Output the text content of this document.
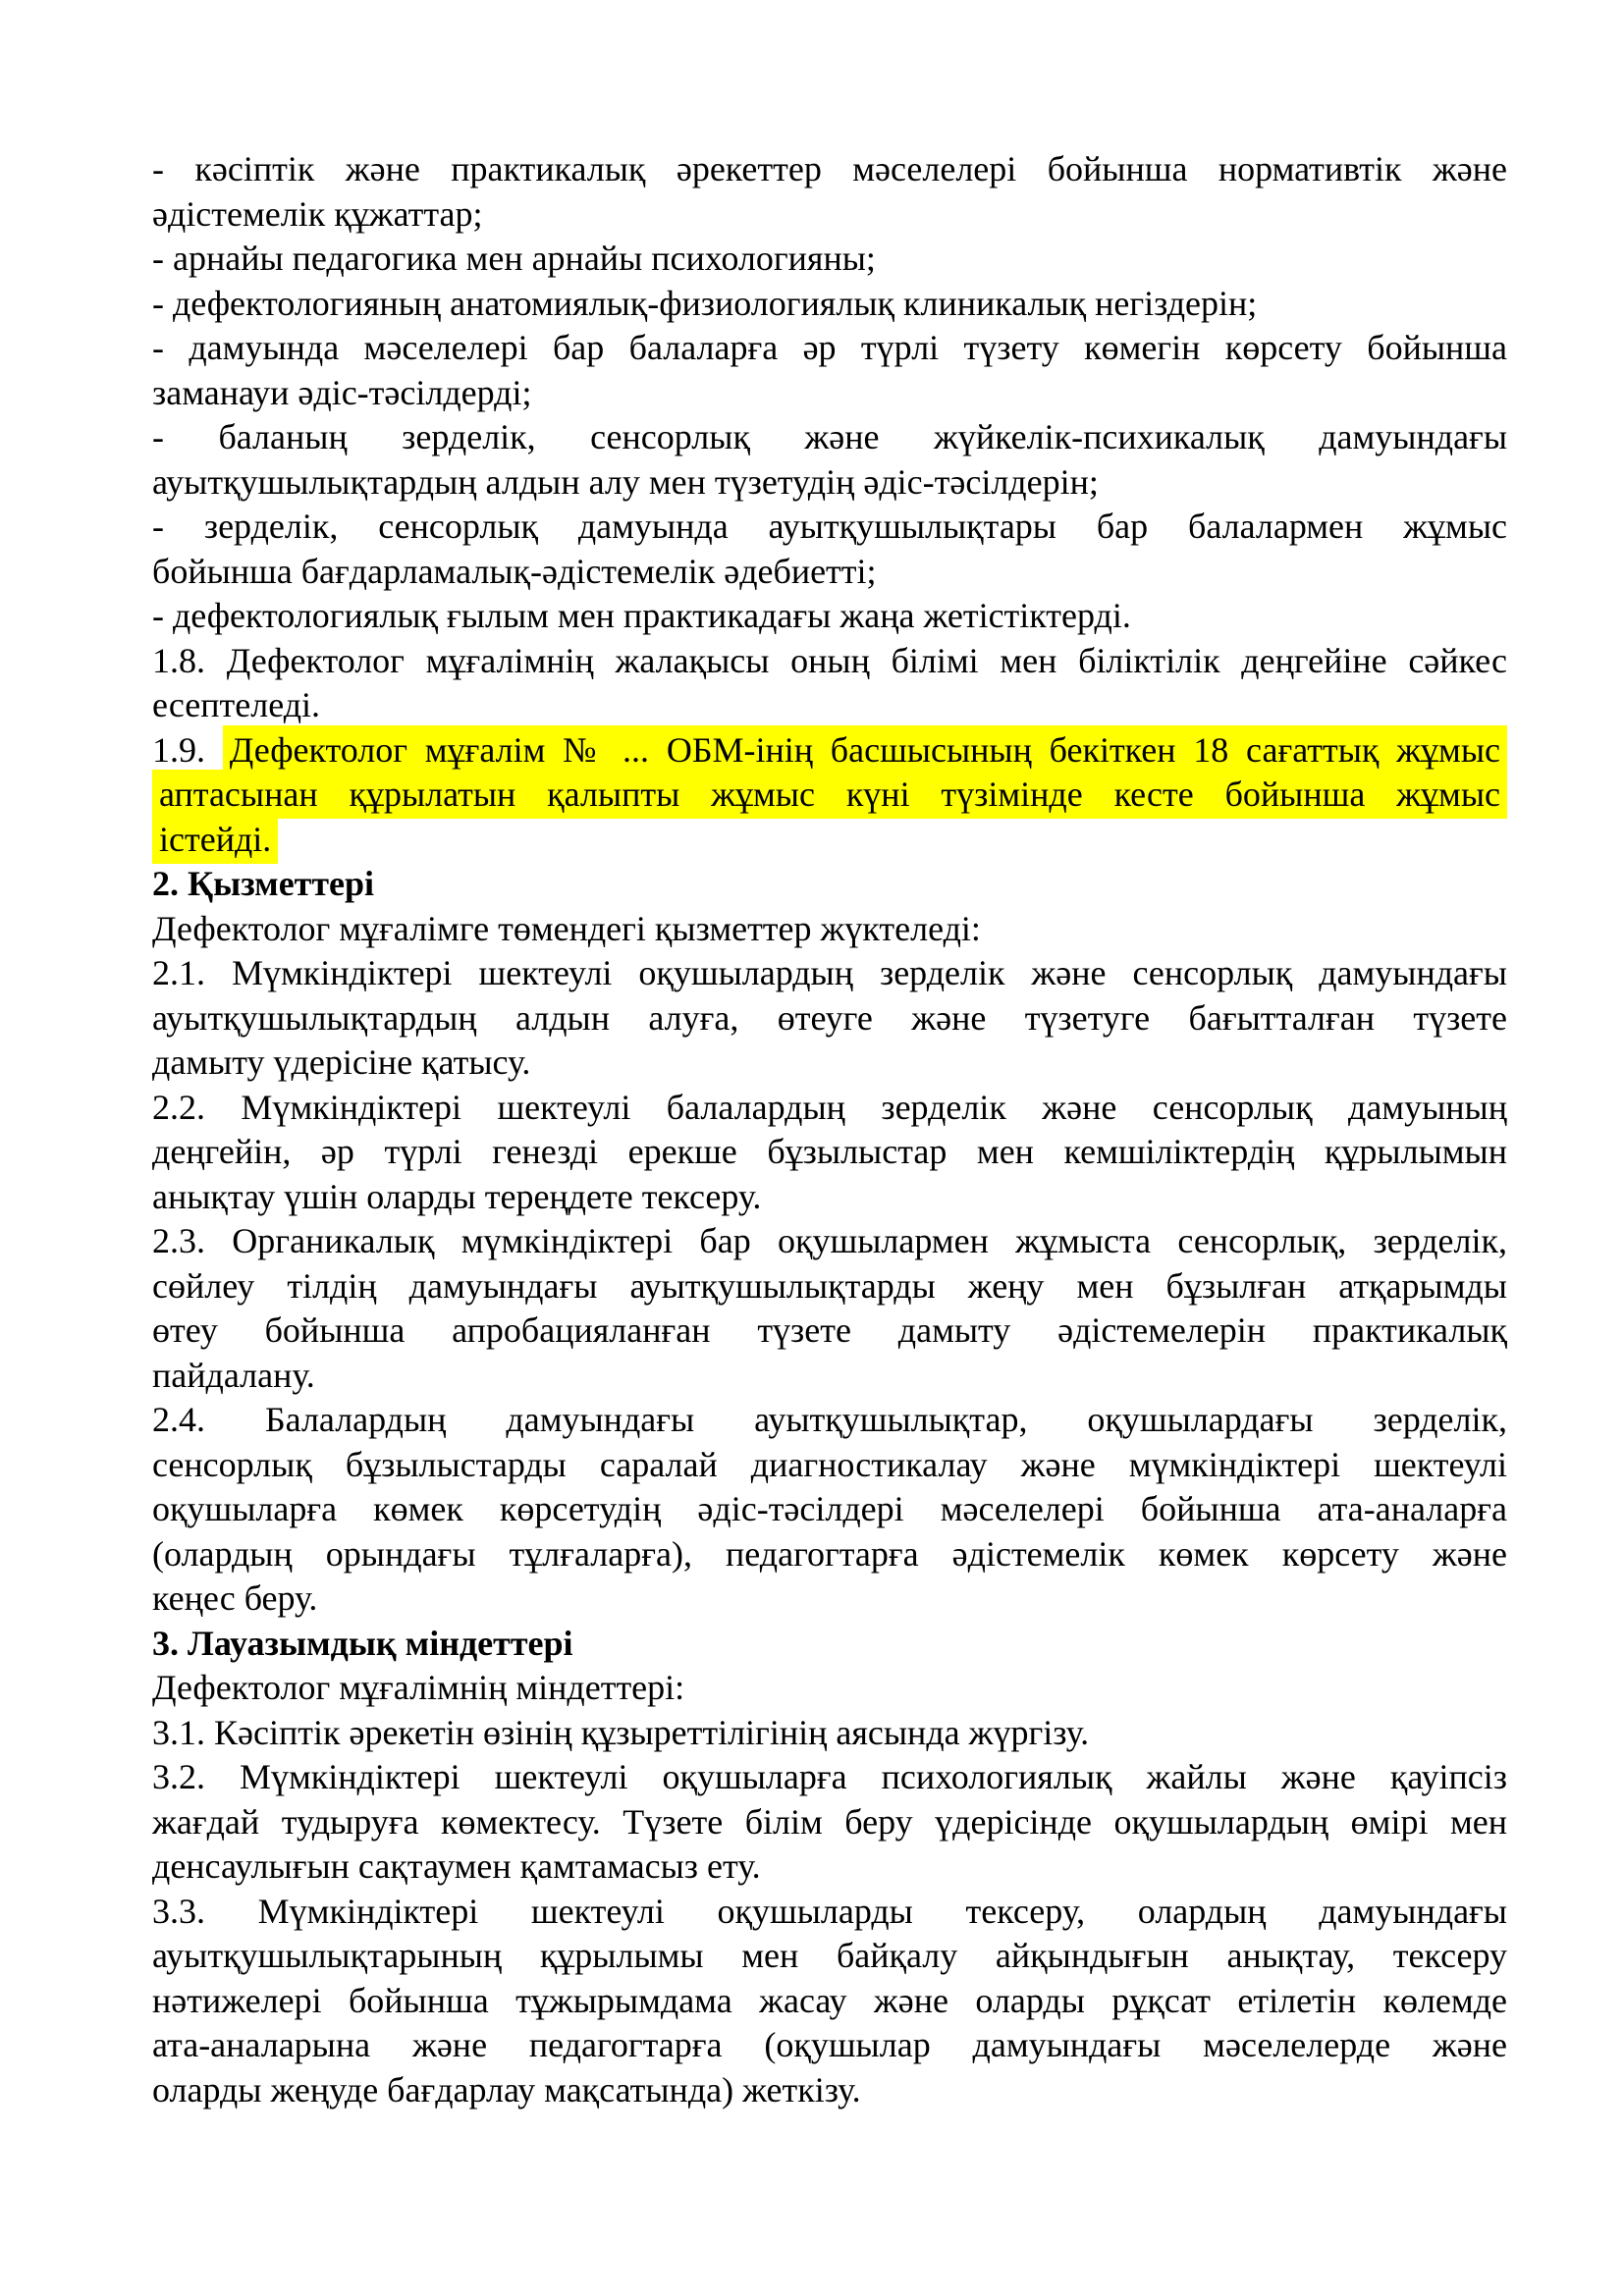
- кәсіптік және практикалық әрекеттер мәселелері бойынша нормативтік және
әдістемелік құжаттар;
- арнайы педагогика мен арнайы психологияны;
- дефектологияның анатомиялық-физиологиялық клиникалық негіздерін;
- дамуында мәселелері бар балаларға әр түрлі түзету көмегін көрсету бойынша
заманауи әдіс-тәсілдерді;
- баланың зерделік, сенсорлық және жүйкелік-психикалық дамуындағы
ауытқушылықтардың алдын алу мен түзетудің әдіс-тәсілдерін;
- зерделік, сенсорлық дамуында ауытқушылықтары бар балалармен жұмыс
бойынша бағдарламалық-әдістемелік әдебиетті;
- дефектологиялық ғылым мен практикадағы жаңа жетістіктерді.
1.8. Дефектолог мұғалімнің жалақысы оның білімі мен біліктілік деңгейіне сәйкес
есептеледі.
1.9. Дефектолог мұғалім № ... ОБМ-інің басшысының бекіткен 18 сағаттық жұмыс
аптасынан құрылатын қалыпты жұмыс күні түзімінде кесте бойынша жұмыс
істейді.
2. Қызметтері
Дефектолог мұғалімге төмендегі қызметтер жүктеледі:
2.1. Мүмкіндіктері шектеулі оқушылардың зерделік және сенсорлық дамуындағы
ауытқушылықтардың алдын алуға, өтеуге және түзетуге бағытталған түзете
дамыту үдерісіне қатысу.
2.2. Мүмкіндіктері шектеулі балалардың зерделік және сенсорлық дамуының
деңгейін, әр түрлі генезді ерекше бұзылыстар мен кемшіліктердің құрылымын
анықтау үшін оларды тереңдете тексеру.
2.3. Органикалық мүмкіндіктері бар оқушылармен жұмыста сенсорлық, зерделік,
сөйлеу тілдің дамуындағы ауытқушылықтарды жеңу мен бұзылған атқарымды
өтеу бойынша апробацияланған түзете дамыту әдістемелерін практикалық
пайдалану.
2.4. Балалардың дамуындағы ауытқушылықтар, оқушылардағы зерделік,
сенсорлық бұзылыстарды саралай диагностикалау және мүмкіндіктері шектеулі
оқушыларға көмек көрсетудің әдіс-тәсілдері мәселелері бойынша ата-аналарға
(олардың орындағы тұлғаларға), педагогтарға әдістемелік көмек көрсету және
кеңес беру.
3. Лауазымдық міндеттері
Дефектолог мұғалімнің міндеттері:
3.1. Кәсіптік әрекетін өзінің құзыреттілігінің аясында жүргізу.
3.2. Мүмкіндіктері шектеулі оқушыларға психологиялық жайлы және қауіпсіз
жағдай тудыруға көмектесу. Түзете білім беру үдерісінде оқушылардың өмірі мен
денсаулығын сақтаумен қамтамасыз ету.
3.3. Мүмкіндіктері шектеулі оқушыларды тексеру, олардың дамуындағы
ауытқушылықтарының құрылымы мен байқалу айқындығын анықтау, тексеру
нәтижелері бойынша тұжырымдама жасау және оларды рұқсат етілетін көлемде
ата-аналарына және педагогтарға (оқушылар дамуындағы мәселелерде және
оларды жеңуде бағдарлау мақсатында) жеткізу.
